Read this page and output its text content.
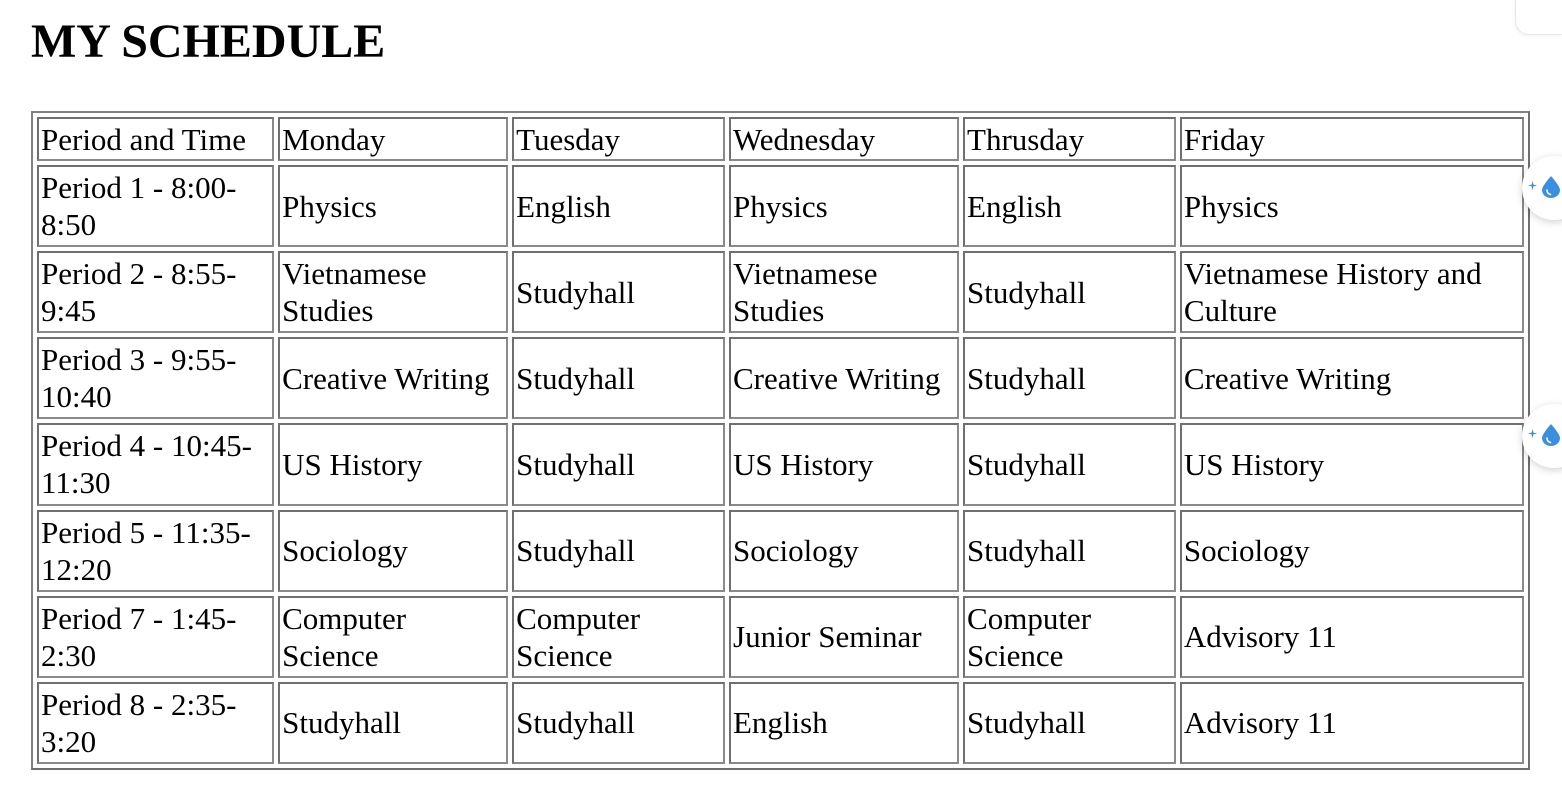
MY SCHEDULE
Period and Time	Monday	Tuesday	Wednesday	Thrusday	Friday
Period 1 - 8:00-8:50	Physics	English	Physics	English	Physics
Period 2 - 8:55-9:45	Vietnamese Studies	Studyhall	Vietnamese Studies	Studyhall	Vietnamese History and Culture
Period 3 - 9:55-10:40	Creative Writing	Studyhall	Creative Writing	Studyhall	Creative Writing
Period 4 - 10:45-11:30	US History	Studyhall	US History	Studyhall	US History
Period 5 - 11:35-12:20	Sociology	Studyhall	Sociology	Studyhall	Sociology
Period 7 - 1:45-2:30	Computer Science	Computer Science	Junior Seminar	Computer Science	Advisory 11
Period 8 - 2:35-3:20	Studyhall	Studyhall	English	Studyhall	Advisory 11
